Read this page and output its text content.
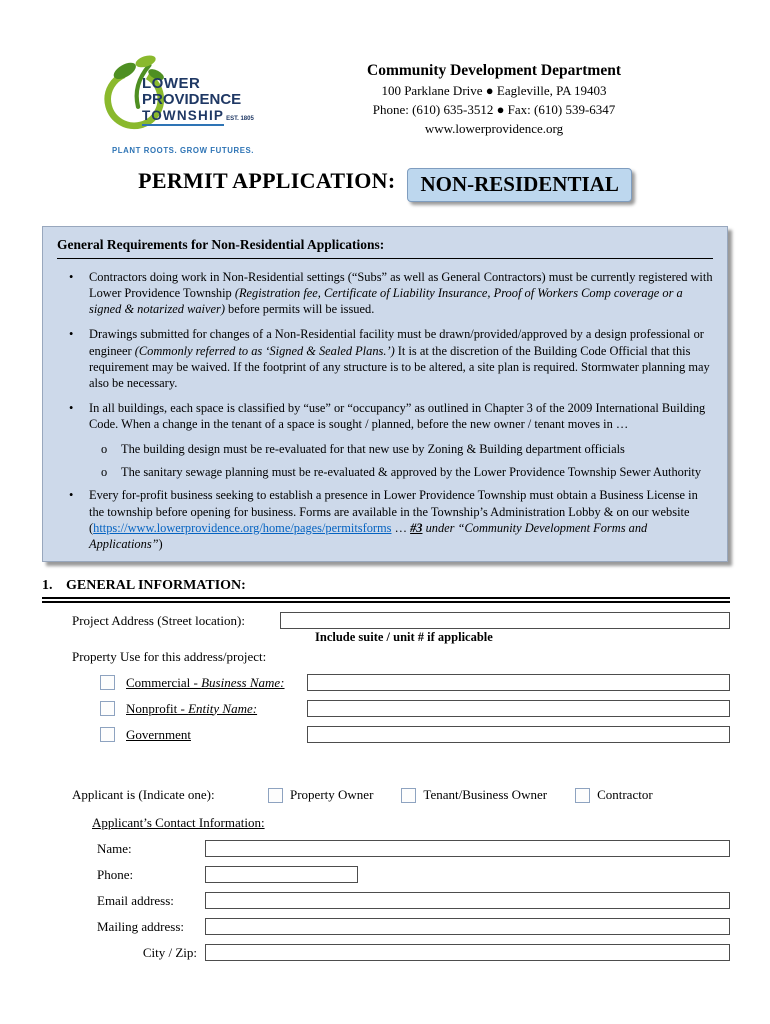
LOWER
PROVIDENCE
TOWNSHIP EST. 1805
PLANT ROOTS. GROW FUTURES.
Community Development Department
100 Parklane Drive ● Eagleville, PA 19403
Phone: (610) 635-3512 ● Fax: (610) 539-6347
www.lowerprovidence.org
PERMIT APPLICATION: NON-RESIDENTIAL
General Requirements for Non-Residential Applications:
•	Contractors doing work in Non-Residential settings (“Subs” as well as General Contractors) must be currently registered with Lower Providence Township (Registration fee, Certificate of Liability Insurance, Proof of Workers Comp coverage or a signed & notarized waiver) before permits will be issued.
•	Drawings submitted for changes of a Non-Residential facility must be drawn/provided/approved by a design professional or engineer (Commonly referred to as ‘Signed & Sealed Plans.’) It is at the discretion of the Building Code Official that this requirement may be waived. If the footprint of any structure is to be altered, a site plan is required. Stormwater planning may also be necessary.
•	In all buildings, each space is classified by “use” or “occupancy” as outlined in Chapter 3 of the 2009 International Building Code. When a change in the tenant of a space is sought / planned, before the new owner / tenant moves in …
o	The building design must be re-evaluated for that new use by Zoning & Building department officials
o	The sanitary sewage planning must be re-evaluated & approved by the Lower Providence Township Sewer Authority
•	Every for-profit business seeking to establish a presence in Lower Providence Township must obtain a Business License in the township before opening for business. Forms are available in the Township’s Administration Lobby & on our website (https://www.lowerprovidence.org/home/pages/permitsforms … #3 under “Community Development Forms and Applications”)
1. GENERAL INFORMATION:
Project Address (Street location):
Include suite / unit # if applicable
Property Use for this address/project:
Commercial - Business Name:
Nonprofit - Entity Name:
Government
Applicant is (Indicate one):	Property Owner	Tenant/Business Owner	Contractor
Applicant’s Contact Information:
Name:
Phone:
Email address:
Mailing address:
City / Zip:
